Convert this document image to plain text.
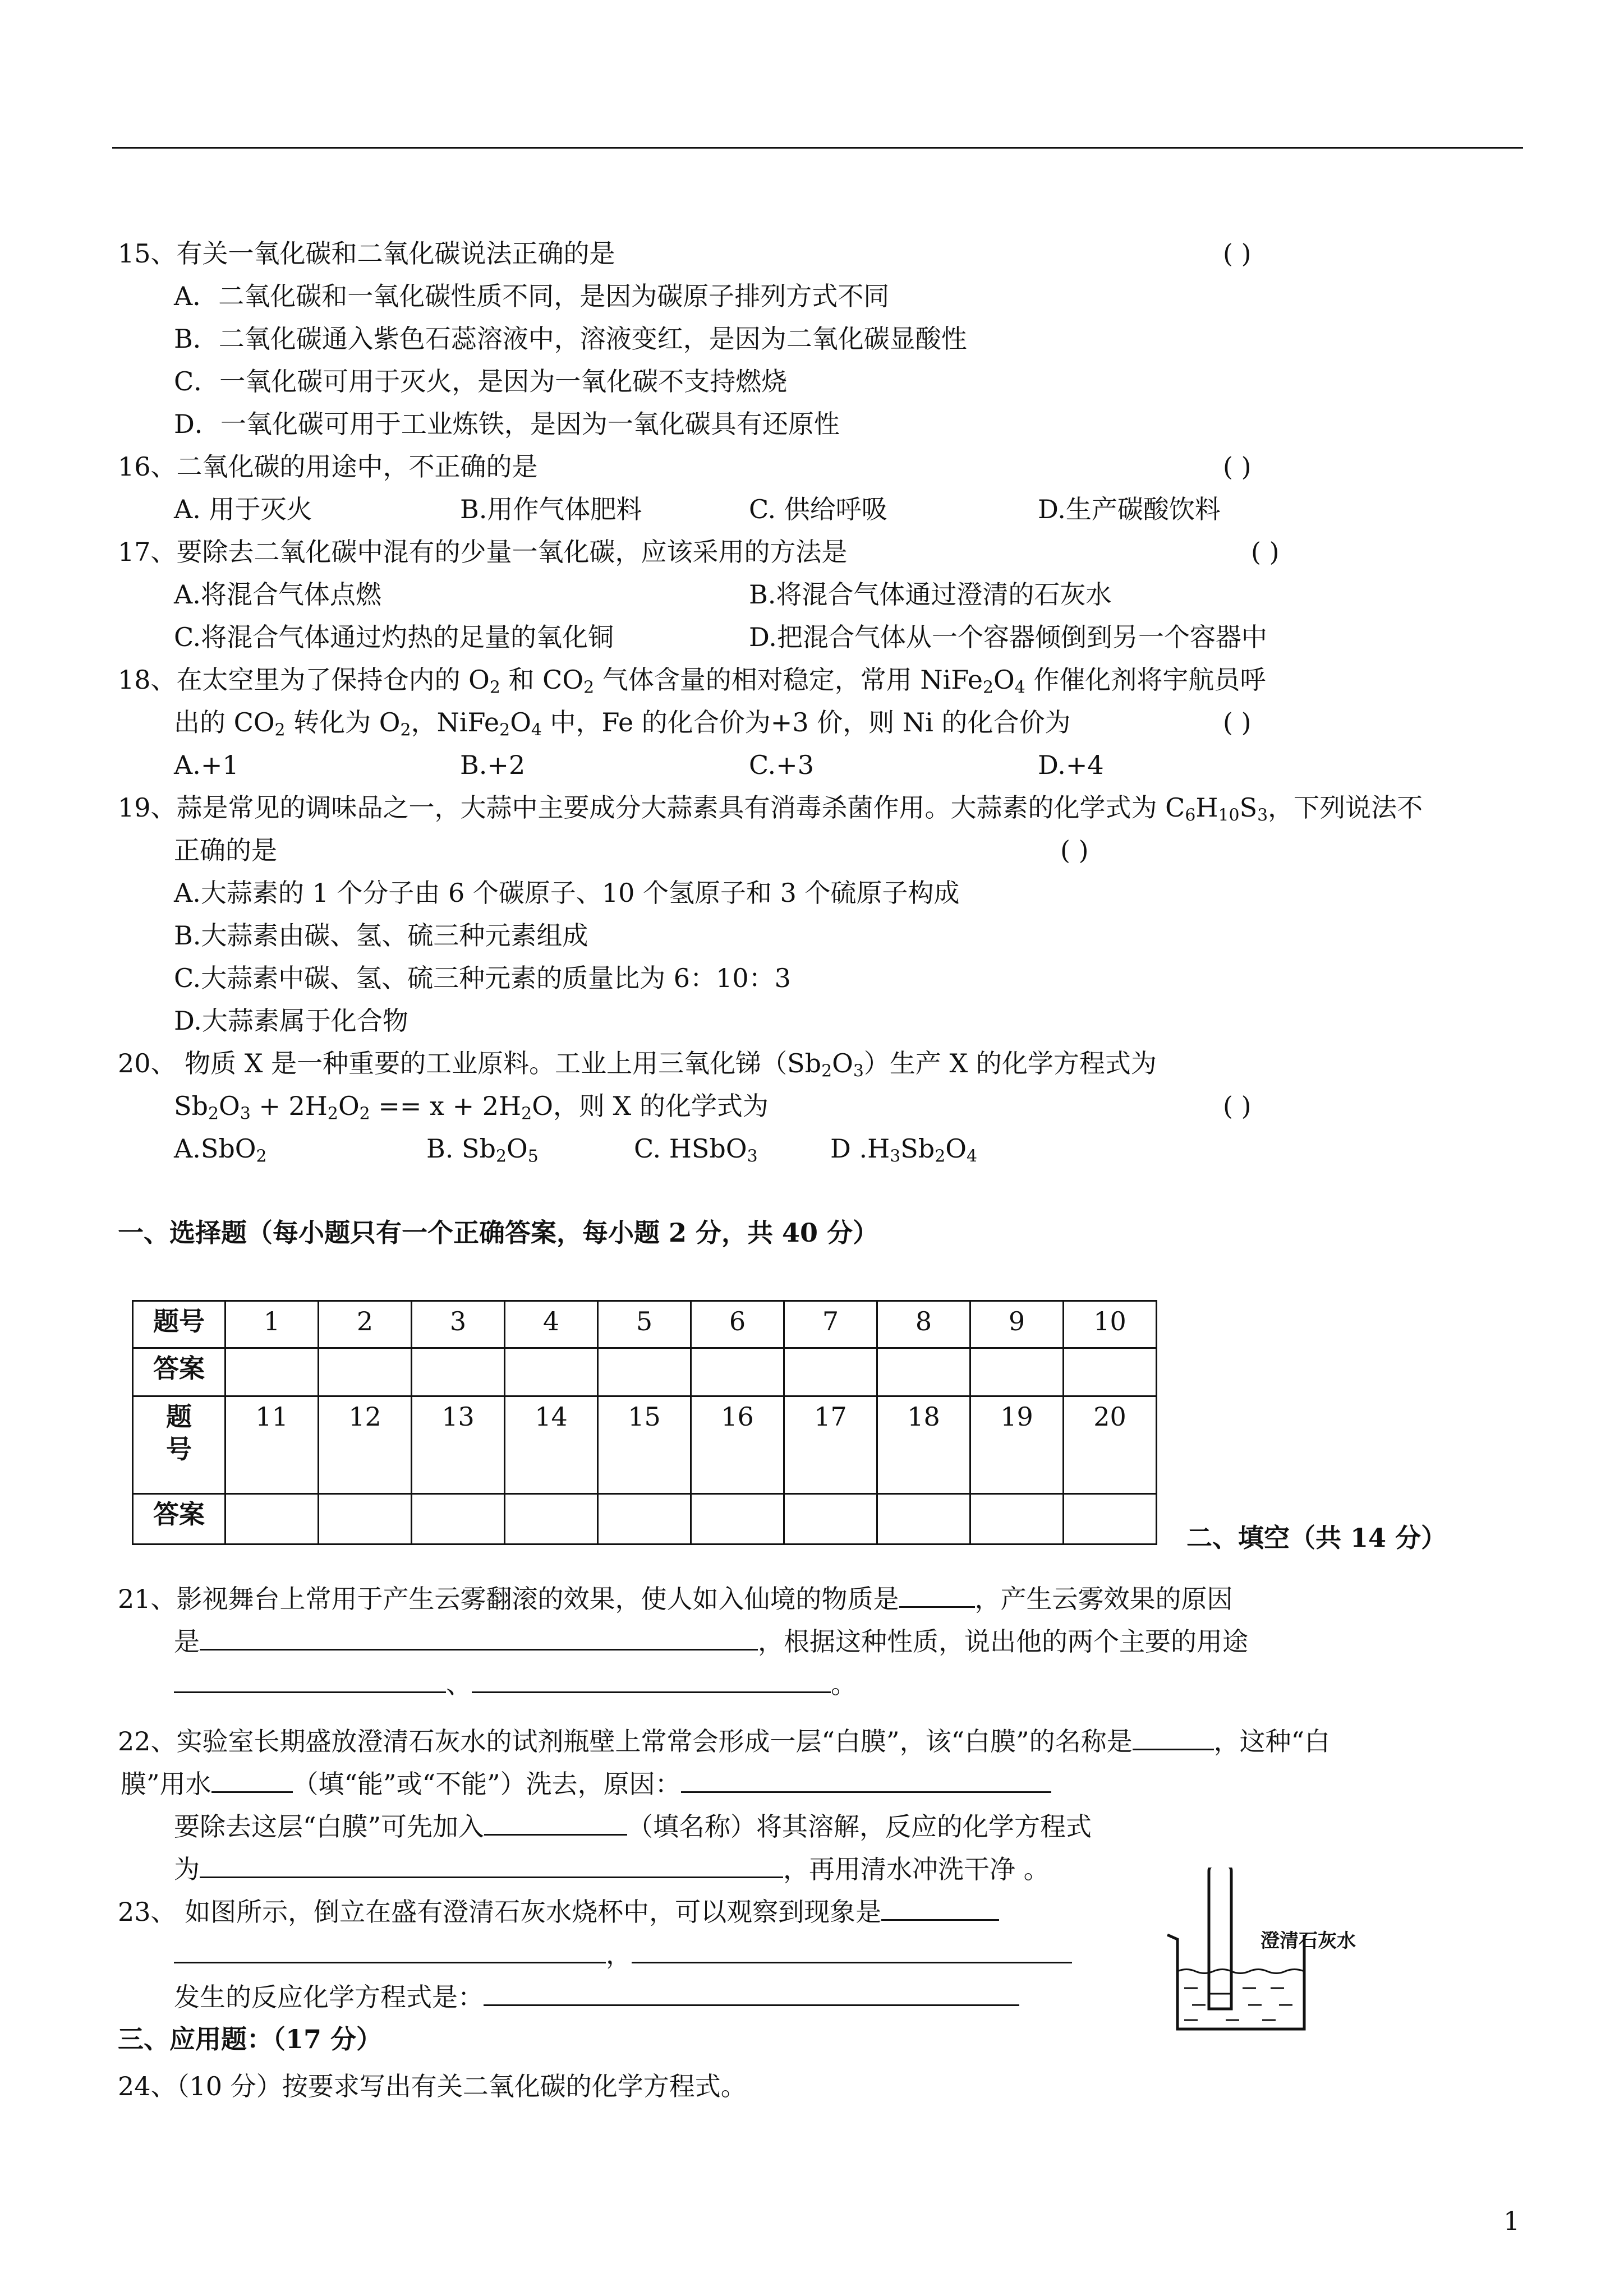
15、有关一氧化碳和二氧化碳说法正确的是	( )
A．二氧化碳和一氧化碳性质不同，是因为碳原子排列方式不同
B．二氧化碳通入紫色石蕊溶液中，溶液变红，是因为二氧化碳显酸性
C．一氧化碳可用于灭火，是因为一氧化碳不支持燃烧
D．一氧化碳可用于工业炼铁，是因为一氧化碳具有还原性
16、二氧化碳的用途中，不正确的是	( )
A. 用于灭火	B.用作气体肥料	C. 供给呼吸	D.生产碳酸饮料
17、要除去二氧化碳中混有的少量一氧化碳，应该采用的方法是	( )
A.将混合气体点燃	B.将混合气体通过澄清的石灰水
C.将混合气体通过灼热的足量的氧化铜	D.把混合气体从一个容器倾倒到另一个容器中
18、在太空里为了保持仓内的 $O_2$ 和 $CO_2$ 气体含量的相对稳定，常用 $NiFe_2O_4$ 作催化剂将宇航员呼
出的 $CO_2$ 转化为 $O_2$，$NiFe_2O_4$ 中，Fe 的化合价为+3 价，则 Ni 的化合价为	( )
A.+1	B.+2	C.+3	D.+4
19、蒜是常见的调味品之一，大蒜中主要成分大蒜素具有消毒杀菌作用。大蒜素的化学式为 $C_6H_{10}S_3$，下列说法不
正确的是	( )
A.大蒜素的 1 个分子由 6 个碳原子、10 个氢原子和 3 个硫原子构成
B.大蒜素由碳、氢、硫三种元素组成
C.大蒜素中碳、氢、硫三种元素的质量比为 6：10：3
D.大蒜素属于化合物
20、 物质 X 是一种重要的工业原料。工业上用三氧化锑$(Sb_2O_3)$生产 X 的化学方程式为
$Sb_2O_3 + 2H_2O_2 == x + 2H_2O$，则 X 的化学式为	( )
A.SbO$_2$	B. $Sb_2O_5$	C. HSbO$_3$	D $.H_3Sb_2O_4$
一、选择题（每小题只有一个正确答案，每小题 2 分，共 40 分）
题号	1	2	3	4	5	6	7	8	9	10
答案										
题
号	11	12	13	14	15	16	17	18	19	20
答案										
二、填空（共 14 分）
21、影视舞台上常用于产生云雾翻滚的效果，使人如入仙境的物质是	，产生云雾效果的原因
是	，根据这种性质，说出他的两个主要的用途
、	。
22、实验室长期盛放澄清石灰水的试剂瓶壁上常常会形成一层“白膜”，该“白膜”的名称是	，这种“白
膜”用水	（填“能”或“不能”）洗去，原因：
要除去这层“白膜”可先加入	（填名称）将其溶解，反应的化学方程式
为	，再用清水冲洗干净 。
23、 如图所示，倒立在盛有澄清石灰水烧杯中，可以观察到现象是
，
发生的反应化学方程式是：
澄清石灰水
三、应用题：（17 分）
24、（10 分）按要求写出有关二氧化碳的化学方程式。
1
